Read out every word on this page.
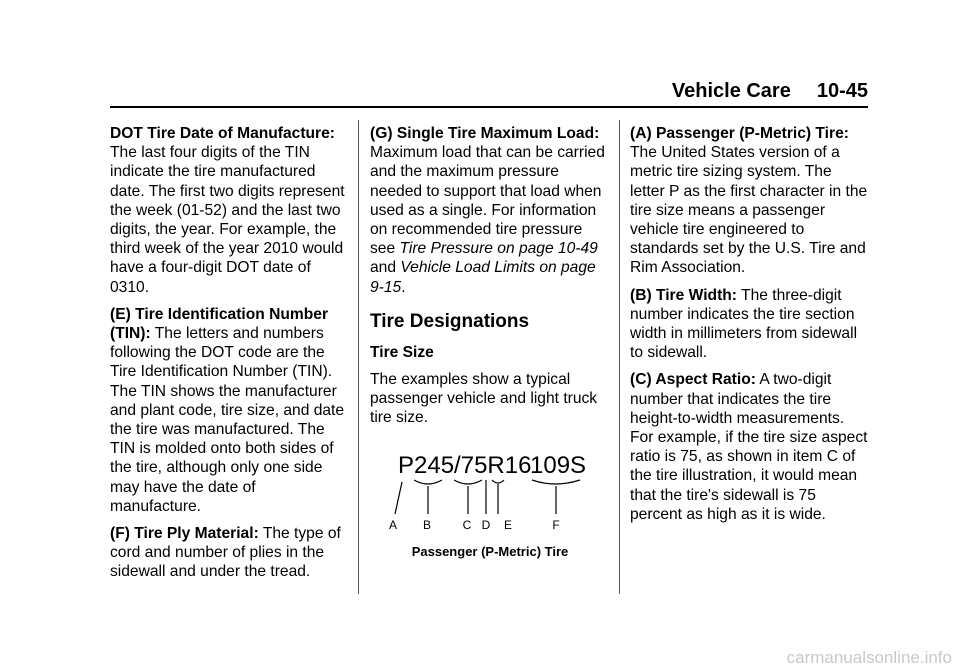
Vehicle Care 10-45

DOT Tire Date of Manufacture: The last four digits of the TIN indicate the tire manufactured date. The first two digits represent the week (01-52) and the last two digits, the year. For example, the third week of the year 2010 would have a four-digit DOT date of 0310.

(E) Tire Identification Number (TIN): The letters and numbers following the DOT code are the Tire Identification Number (TIN). The TIN shows the manufacturer and plant code, tire size, and date the tire was manufactured. The TIN is molded onto both sides of the tire, although only one side may have the date of manufacture.

(F) Tire Ply Material: The type of cord and number of plies in the sidewall and under the tread.

(G) Single Tire Maximum Load: Maximum load that can be carried and the maximum pressure needed to support that load when used as a single. For information on recommended tire pressure see Tire Pressure on page 10-49 and Vehicle Load Limits on page 9-15.

Tire Designations
Tire Size

The examples show a typical passenger vehicle and light truck tire size.

P245/75R16
109S
A B	C D E	F
Passenger (P-Metric) Tire

(A) Passenger (P-Metric) Tire: The United States version of a metric tire sizing system. The letter P as the first character in the tire size means a passenger vehicle tire engineered to standards set by the U.S. Tire and Rim Association.

(B) Tire Width: The three-digit number indicates the tire section width in millimeters from sidewall to sidewall.

(C) Aspect Ratio: A two-digit number that indicates the tire height-to-width measurements. For example, if the tire size aspect ratio is 75, as shown in item C of the tire illustration, it would mean that the tire's sidewall is 75 percent as high as it is wide.

carmanualsonline.info
